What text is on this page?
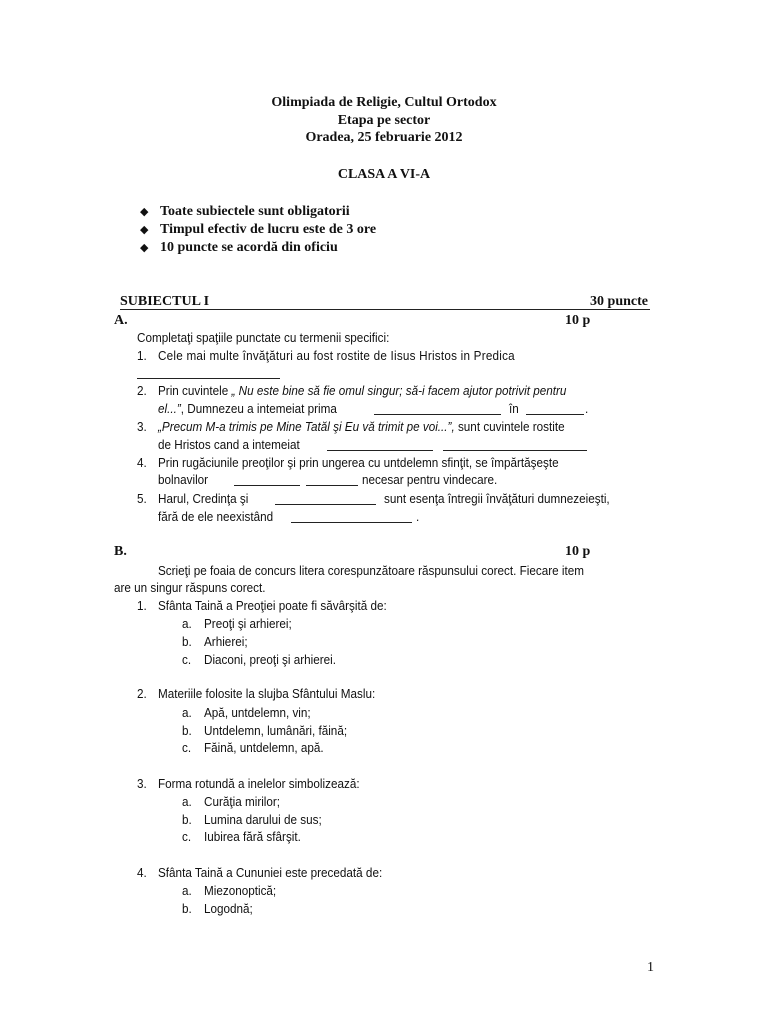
Olimpiada de Religie, Cultul Ortodox
Etapa pe sector
Oradea, 25 februarie 2012
CLASA A VI-A
◆ Toate subiectele sunt obligatorii
◆ Timpul efectiv de lucru este de 3 ore
◆ 10 puncte se acordă din oficiu
SUBIECTUL I	30 puncte
A.	10 p
Completaţi spaţiile punctate cu termenii specifici:
1. Cele mai multe învăţături au fost rostite de Iisus Hristos in Predica
2. Prin cuvintele „ Nu este bine să fie omul singur; să-i facem ajutor potrivit pentru
el...”, Dumnezeu a intemeiat prima	în	.
3. „Precum M-a trimis pe Mine Tatăl şi Eu vă trimit pe voi...”, sunt cuvintele rostite
de Hristos cand a intemeiat
4. Prin rugăciunile preoţilor şi prin ungerea cu untdelemn sfinţit, se împărtăşeşte
bolnavilor	necesar pentru vindecare.
5. Harul, Credinţa şi	sunt esenţa întregii învăţături dumnezeieşti,
fără de ele neexistând	.
B.	10 p
Scrieţi pe foaia de concurs litera corespunzătoare răspunsului corect. Fiecare item
are un singur răspuns corect.
1. Sfânta Taină a Preoţiei poate fi săvârşită de:
a. Preoţi şi arhierei;
b. Arhierei;
c. Diaconi, preoţi şi arhierei.
2. Materiile folosite la slujba Sfântului Maslu:
a. Apă, untdelemn, vin;
b. Untdelemn, lumânări, făină;
c. Făină, untdelemn, apă.
3. Forma rotundă a inelelor simbolizează:
a. Curăţia mirilor;
b. Lumina darului de sus;
c. Iubirea fără sfârşit.
4. Sfânta Taină a Cununiei este precedată de:
a. Miezonoptică;
b. Logodnă;
1
